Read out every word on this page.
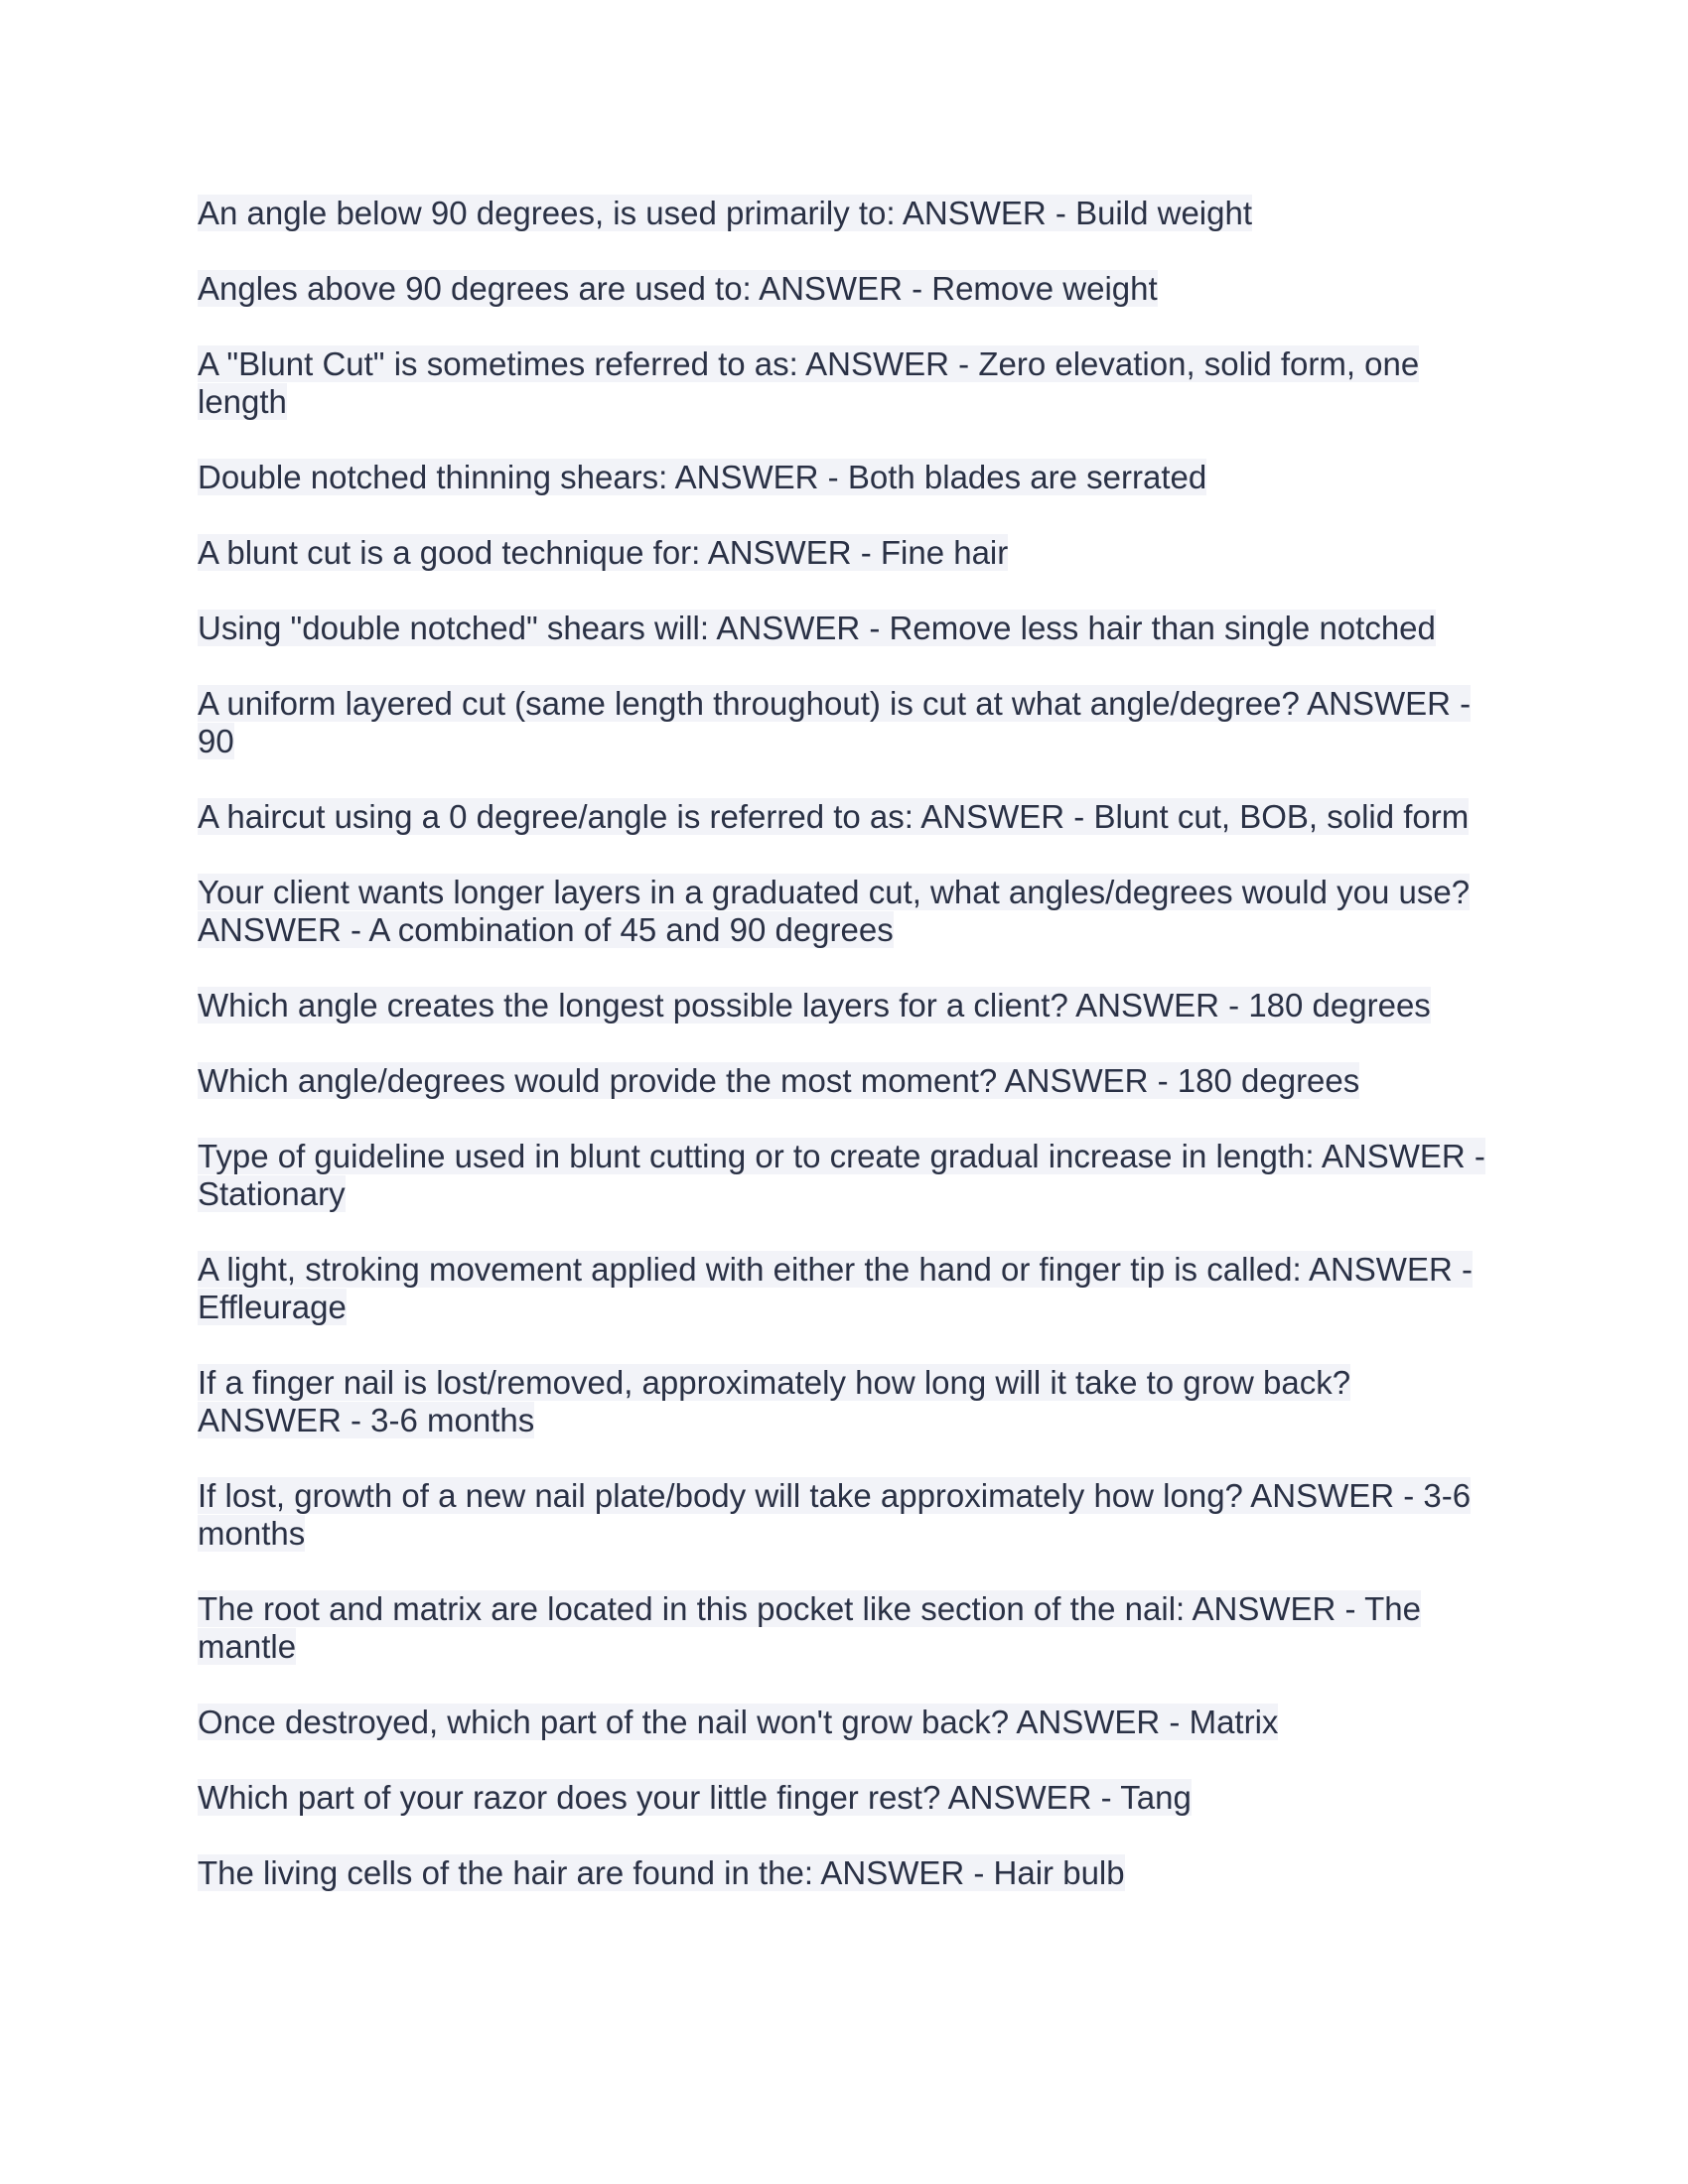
An angle below 90 degrees, is used primarily to: ANSWER - Build weight

Angles above 90 degrees are used to: ANSWER - Remove weight

A "Blunt Cut" is sometimes referred to as: ANSWER - Zero elevation, solid form, one length

Double notched thinning shears: ANSWER - Both blades are serrated

A blunt cut is a good technique for: ANSWER - Fine hair

Using "double notched" shears will: ANSWER - Remove less hair than single notched

A uniform layered cut (same length throughout) is cut at what angle/degree? ANSWER - 90

A haircut using a 0 degree/angle is referred to as: ANSWER - Blunt cut, BOB, solid form

Your client wants longer layers in a graduated cut, what angles/degrees would you use? ANSWER - A combination of 45 and 90 degrees

Which angle creates the longest possible layers for a client? ANSWER - 180 degrees

Which angle/degrees would provide the most moment? ANSWER - 180 degrees

Type of guideline used in blunt cutting or to create gradual increase in length: ANSWER - Stationary

A light, stroking movement applied with either the hand or finger tip is called: ANSWER - Effleurage

If a finger nail is lost/removed, approximately how long will it take to grow back? ANSWER - 3-6 months

If lost, growth of a new nail plate/body will take approximately how long? ANSWER - 3-6 months

The root and matrix are located in this pocket like section of the nail: ANSWER - The mantle

Once destroyed, which part of the nail won't grow back? ANSWER - Matrix

Which part of your razor does your little finger rest? ANSWER - Tang

The living cells of the hair are found in the: ANSWER - Hair bulb
